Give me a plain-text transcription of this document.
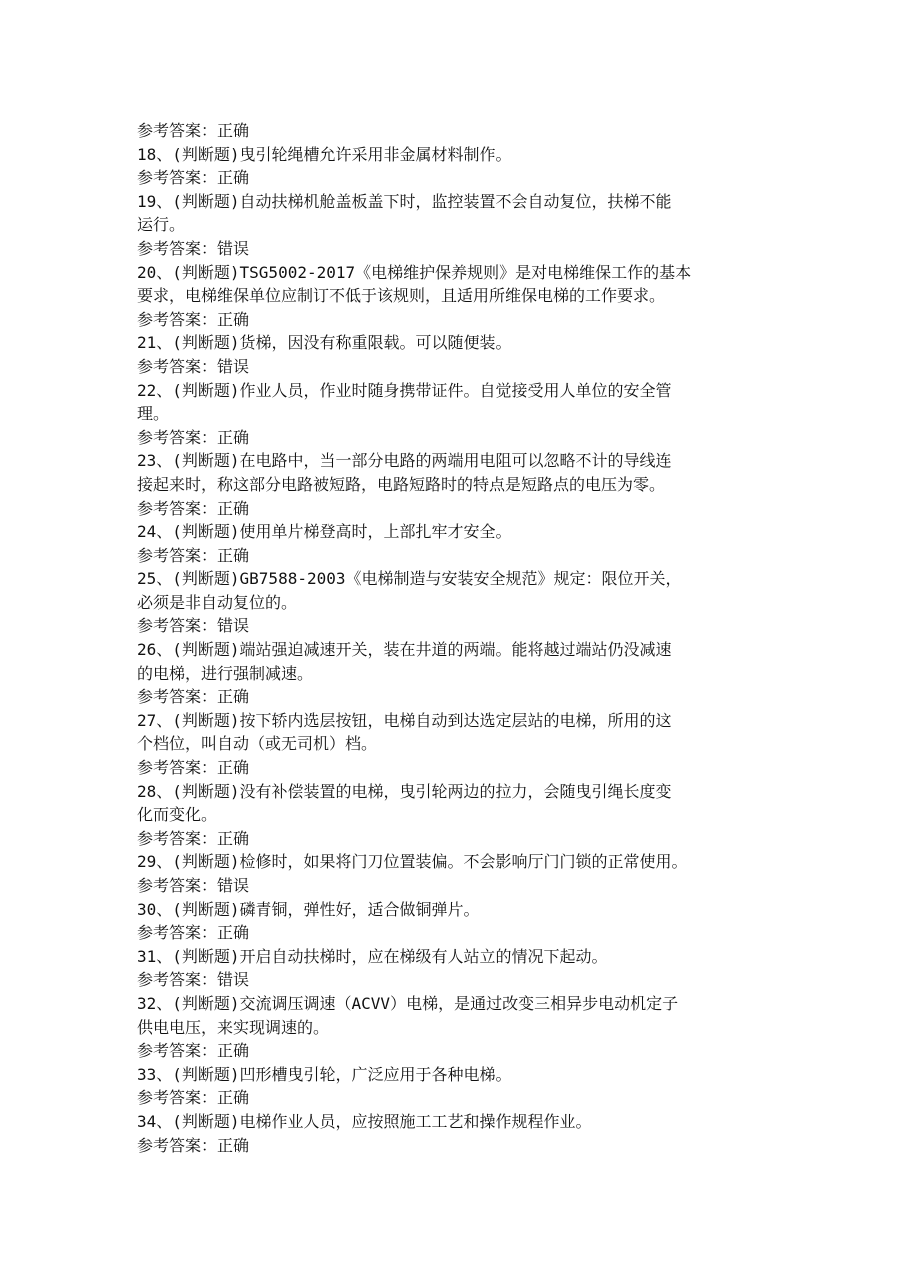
参考答案：正确
18、(判断题)曳引轮绳槽允许采用非金属材料制作。
参考答案：正确
19、(判断题)自动扶梯机舱盖板盖下时，监控装置不会自动复位，扶梯不能
运行。
参考答案：错误
20、(判断题)TSG5002-2017《电梯维护保养规则》是对电梯维保工作的基本
要求，电梯维保单位应制订不低于该规则，且适用所维保电梯的工作要求。
参考答案：正确
21、(判断题)货梯，因没有称重限载。可以随便装。
参考答案：错误
22、(判断题)作业人员，作业时随身携带证件。自觉接受用人单位的安全管
理。
参考答案：正确
23、(判断题)在电路中，当一部分电路的两端用电阻可以忽略不计的导线连
接起来时，称这部分电路被短路，电路短路时的特点是短路点的电压为零。
参考答案：正确
24、(判断题)使用单片梯登高时，上部扎牢才安全。
参考答案：正确
25、(判断题)GB7588-2003《电梯制造与安装安全规范》规定：限位开关，
必须是非自动复位的。
参考答案：错误
26、(判断题)端站强迫减速开关，装在井道的两端。能将越过端站仍没减速
的电梯，进行强制减速。
参考答案：正确
27、(判断题)按下轿内选层按钮，电梯自动到达选定层站的电梯，所用的这
个档位，叫自动（或无司机）档。
参考答案：正确
28、(判断题)没有补偿装置的电梯，曳引轮两边的拉力，会随曳引绳长度变
化而变化。
参考答案：正确
29、(判断题)检修时，如果将门刀位置装偏。不会影响厅门门锁的正常使用。
参考答案：错误
30、(判断题)磷青铜，弹性好，适合做铜弹片。
参考答案：正确
31、(判断题)开启自动扶梯时，应在梯级有人站立的情况下起动。
参考答案：错误
32、(判断题)交流调压调速（ACVV）电梯，是通过改变三相异步电动机定子
供电电压，来实现调速的。
参考答案：正确
33、(判断题)凹形槽曳引轮，广泛应用于各种电梯。
参考答案：正确
34、(判断题)电梯作业人员，应按照施工工艺和操作规程作业。
参考答案：正确
